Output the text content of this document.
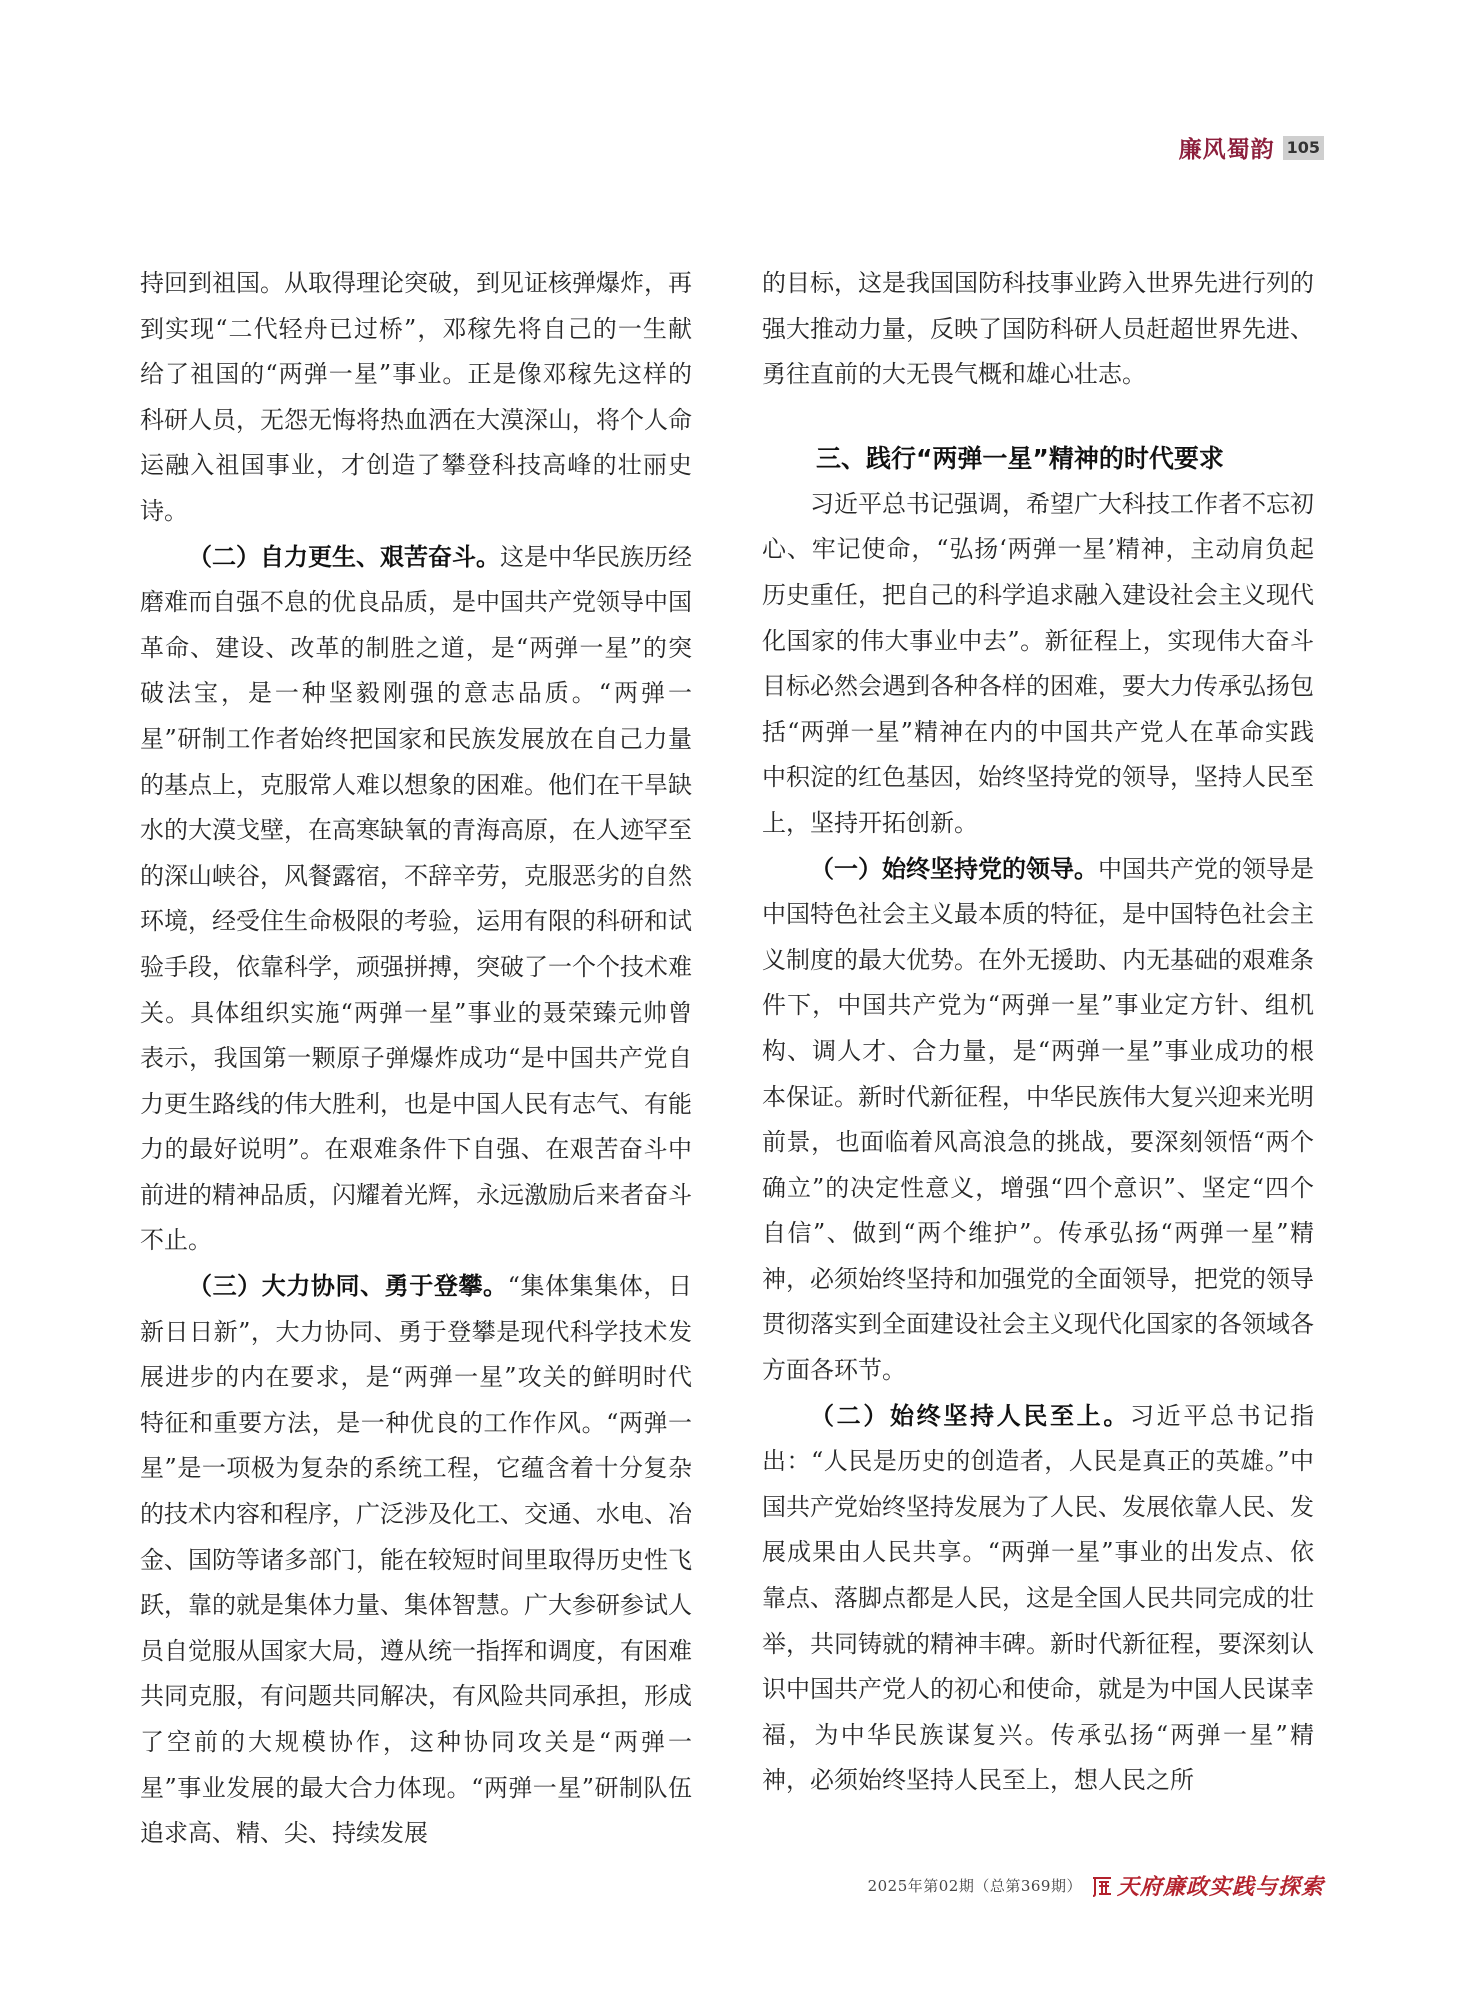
廉风蜀韵 105

持回到祖国。从取得理论突破，到见证核弹爆炸，再到实现“二代轻舟已过桥”，邓稼先将自己的一生献给了祖国的“两弹一星”事业。正是像邓稼先这样的科研人员，无怨无悔将热血洒在大漠深山，将个人命运融入祖国事业，才创造了攀登科技高峰的壮丽史诗。

（二）自力更生、艰苦奋斗。这是中华民族历经磨难而自强不息的优良品质，是中国共产党领导中国革命、建设、改革的制胜之道，是“两弹一星”的突破法宝，是一种坚毅刚强的意志品质。“两弹一星”研制工作者始终把国家和民族发展放在自己力量的基点上，克服常人难以想象的困难。他们在干旱缺水的大漠戈壁，在高寒缺氧的青海高原，在人迹罕至的深山峡谷，风餐露宿，不辞辛劳，克服恶劣的自然环境，经受住生命极限的考验，运用有限的科研和试验手段，依靠科学，顽强拼搏，突破了一个个技术难关。具体组织实施“两弹一星”事业的聂荣臻元帅曾表示，我国第一颗原子弹爆炸成功“是中国共产党自力更生路线的伟大胜利，也是中国人民有志气、有能力的最好说明”。在艰难条件下自强、在艰苦奋斗中前进的精神品质，闪耀着光辉，永远激励后来者奋斗不止。

（三）大力协同、勇于登攀。“集体集集体，日新日日新”，大力协同、勇于登攀是现代科学技术发展进步的内在要求，是“两弹一星”攻关的鲜明时代特征和重要方法，是一种优良的工作作风。“两弹一星”是一项极为复杂的系统工程，它蕴含着十分复杂的技术内容和程序，广泛涉及化工、交通、水电、冶金、国防等诸多部门，能在较短时间里取得历史性飞跃，靠的就是集体力量、集体智慧。广大参研参试人员自觉服从国家大局，遵从统一指挥和调度，有困难共同克服，有问题共同解决，有风险共同承担，形成了空前的大规模协作，这种协同攻关是“两弹一星”事业发展的最大合力体现。“两弹一星”研制队伍追求高、精、尖、持续发展

的目标，这是我国国防科技事业跨入世界先进行列的强大推动力量，反映了国防科研人员赶超世界先进、勇往直前的大无畏气概和雄心壮志。

三、践行“两弹一星”精神的时代要求

习近平总书记强调，希望广大科技工作者不忘初心、牢记使命，“弘扬‘两弹一星’精神，主动肩负起历史重任，把自己的科学追求融入建设社会主义现代化国家的伟大事业中去”。新征程上，实现伟大奋斗目标必然会遇到各种各样的困难，要大力传承弘扬包括“两弹一星”精神在内的中国共产党人在革命实践中积淀的红色基因，始终坚持党的领导，坚持人民至上，坚持开拓创新。

（一）始终坚持党的领导。中国共产党的领导是中国特色社会主义最本质的特征，是中国特色社会主义制度的最大优势。在外无援助、内无基础的艰难条件下，中国共产党为“两弹一星”事业定方针、组机构、调人才、合力量，是“两弹一星”事业成功的根本保证。新时代新征程，中华民族伟大复兴迎来光明前景，也面临着风高浪急的挑战，要深刻领悟“两个确立”的决定性意义，增强“四个意识”、坚定“四个自信”、做到“两个维护”。传承弘扬“两弹一星”精神，必须始终坚持和加强党的全面领导，把党的领导贯彻落实到全面建设社会主义现代化国家的各领域各方面各环节。

（二）始终坚持人民至上。习近平总书记指出：“人民是历史的创造者，人民是真正的英雄。”中国共产党始终坚持发展为了人民、发展依靠人民、发展成果由人民共享。“两弹一星”事业的出发点、依靠点、落脚点都是人民，这是全国人民共同完成的壮举，共同铸就的精神丰碑。新时代新征程，要深刻认识中国共产党人的初心和使命，就是为中国人民谋幸福，为中华民族谋复兴。传承弘扬“两弹一星”精神，必须始终坚持人民至上，想人民之所

2025年第02期（总第369期） 天府廉政实践与探索
